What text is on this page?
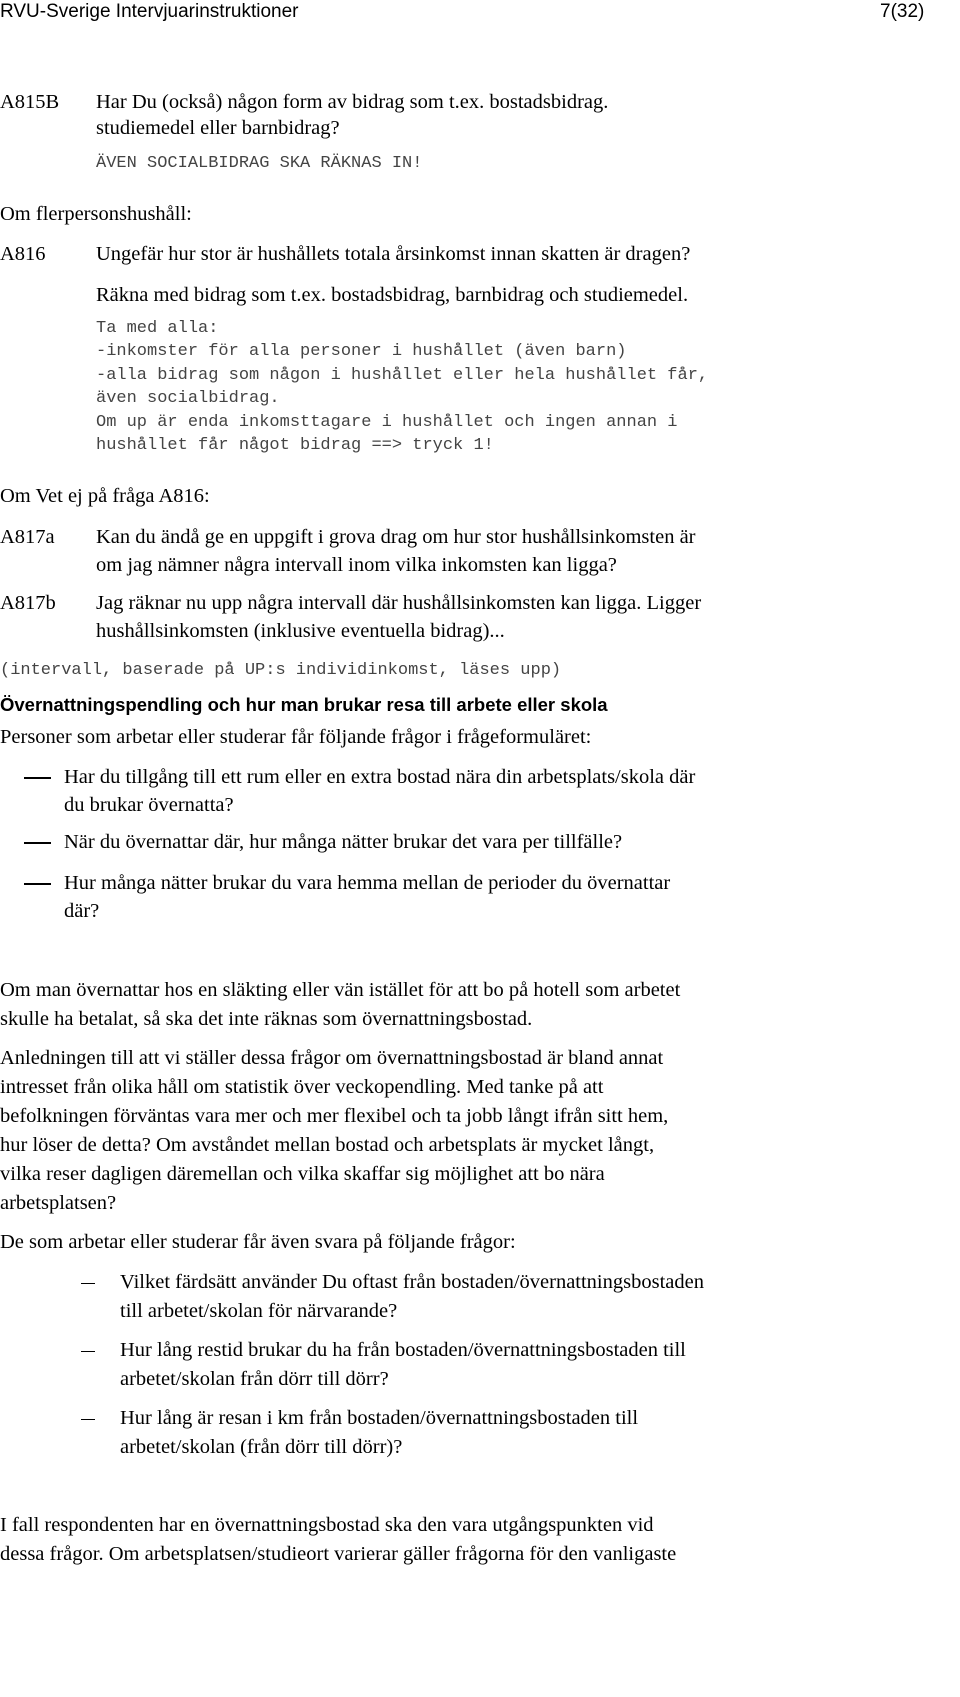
RVU-Sverige Intervjuarinstruktioner	7(32)
A815B Har Du (också) någon form av bidrag som t.ex. bostadsbidrag.
studiemedel eller barnbidrag?
ÄVEN SOCIALBIDRAG SKA RÄKNAS IN!
Om flerpersonshushåll:
A816 Ungefär hur stor är hushållets totala årsinkomst innan skatten är dragen?
Räkna med bidrag som t.ex. bostadsbidrag, barnbidrag och studiemedel.
Ta med alla:
-inkomster för alla personer i hushållet (även barn)
-alla bidrag som någon i hushållet eller hela hushållet får,
även socialbidrag.
Om up är enda inkomsttagare i hushållet och ingen annan i
hushållet får något bidrag ==> tryck 1!
Om Vet ej på fråga A816:
A817a Kan du ändå ge en uppgift i grova drag om hur stor hushållsinkomsten är
om jag nämner några intervall inom vilka inkomsten kan ligga?
A817b Jag räknar nu upp några intervall där hushållsinkomsten kan ligga. Ligger
hushållsinkomsten (inklusive eventuella bidrag)...
(intervall, baserade på UP:s individinkomst, läses upp)
Övernattningspendling och hur man brukar resa till arbete eller skola
Personer som arbetar eller studerar får följande frågor i frågeformuläret:
Har du tillgång till ett rum eller en extra bostad nära din arbetsplats/skola där
du brukar övernatta?
När du övernattar där, hur många nätter brukar det vara per tillfälle?
Hur många nätter brukar du vara hemma mellan de perioder du övernattar
där?
Om man övernattar hos en släkting eller vän istället för att bo på hotell som arbetet
skulle ha betalat, så ska det inte räknas som övernattningsbostad.
Anledningen till att vi ställer dessa frågor om övernattningsbostad är bland annat
intresset från olika håll om statistik över veckopendling. Med tanke på att
befolkningen förväntas vara mer och mer flexibel och ta jobb långt ifrån sitt hem,
hur löser de detta? Om avståndet mellan bostad och arbetsplats är mycket långt,
vilka reser dagligen däremellan och vilka skaffar sig möjlighet att bo nära
arbetsplatsen?
De som arbetar eller studerar får även svara på följande frågor:
Vilket färdsätt använder Du oftast från bostaden/övernattningsbostaden
till arbetet/skolan för närvarande?
Hur lång restid brukar du ha från bostaden/övernattningsbostaden till
arbetet/skolan från dörr till dörr?
Hur lång är resan i km från bostaden/övernattningsbostaden till
arbetet/skolan (från dörr till dörr)?
I fall respondenten har en övernattningsbostad ska den vara utgångspunkten vid
dessa frågor. Om arbetsplatsen/studieort varierar gäller frågorna för den vanligaste
